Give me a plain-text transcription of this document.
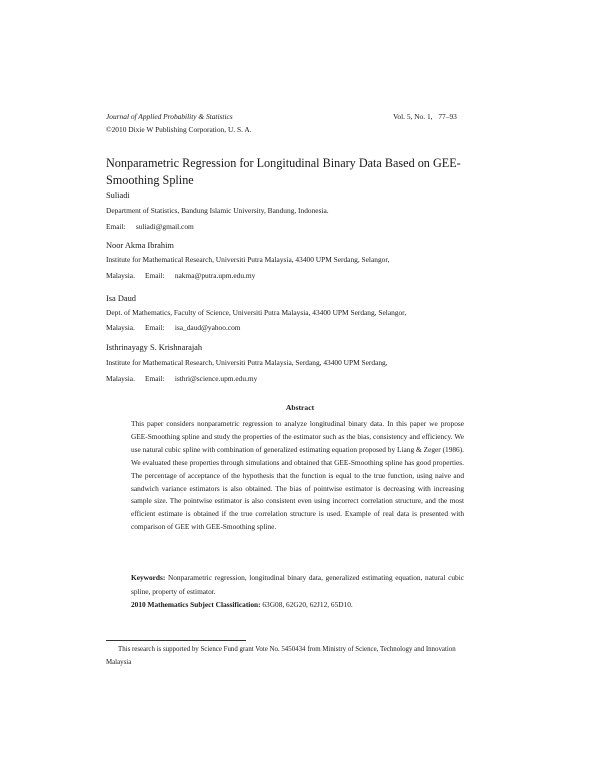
Journal of Applied Probability & Statistics	Vol. 5, No. 1, 77–93
©2010 Dixie W Publishing Corporation, U. S. A.
Nonparametric Regression for Longitudinal Binary Data Based on GEE-Smoothing Spline
Suliadi
Department of Statistics, Bandung Islamic University, Bandung, Indonesia.
Email: suliadi@gmail.com
Noor Akma Ibrahim
Institute for Mathematical Research, Universiti Putra Malaysia, 43400 UPM Serdang, Selangor,
Malaysia. Email: nakma@putra.upm.edu.my
Isa Daud
Dept. of Mathematics, Faculty of Science, Universiti Putra Malaysia, 43400 UPM Serdang, Selangor,
Malaysia. Email: isa_daud@yahoo.com
Isthrinayagy S. Krishnarajah
Institute for Mathematical Research, Universiti Putra Malaysia, Serdang, 43400 UPM Serdang,
Malaysia. Email: isthri@science.upm.edu.my
Abstract
This paper considers nonparametric regression to analyze longitudinal binary data. In this paper we propose GEE-Smoothing spline and study the properties of the estimator such as the bias, consistency and efficiency. We use natural cubic spline with combination of generalized estimating equation proposed by Liang & Zeger (1986). We evaluated these properties through simulations and obtained that GEE-Smoothing spline has good properties. The percentage of acceptance of the hypothesis that the function is equal to the true function, using naive and sandwich variance estimators is also obtained. The bias of pointwise estimator is decreasing with increasing sample size. The pointwise estimator is also consistent even using incorrect correlation structure, and the most efficient estimate is obtained if the true correlation structure is used. Example of real data is presented with comparison of GEE with GEE-Smoothing spline.
Keywords: Nonparametric regression, longitudinal binary data, generalized estimating equation, natural cubic spline, property of estimator.
2010 Mathematics Subject Classification: 63G08, 62G20, 62J12, 65D10.
This research is supported by Science Fund grant Vote No. 5450434 from Ministry of Science, Technology and Innovation Malaysia
